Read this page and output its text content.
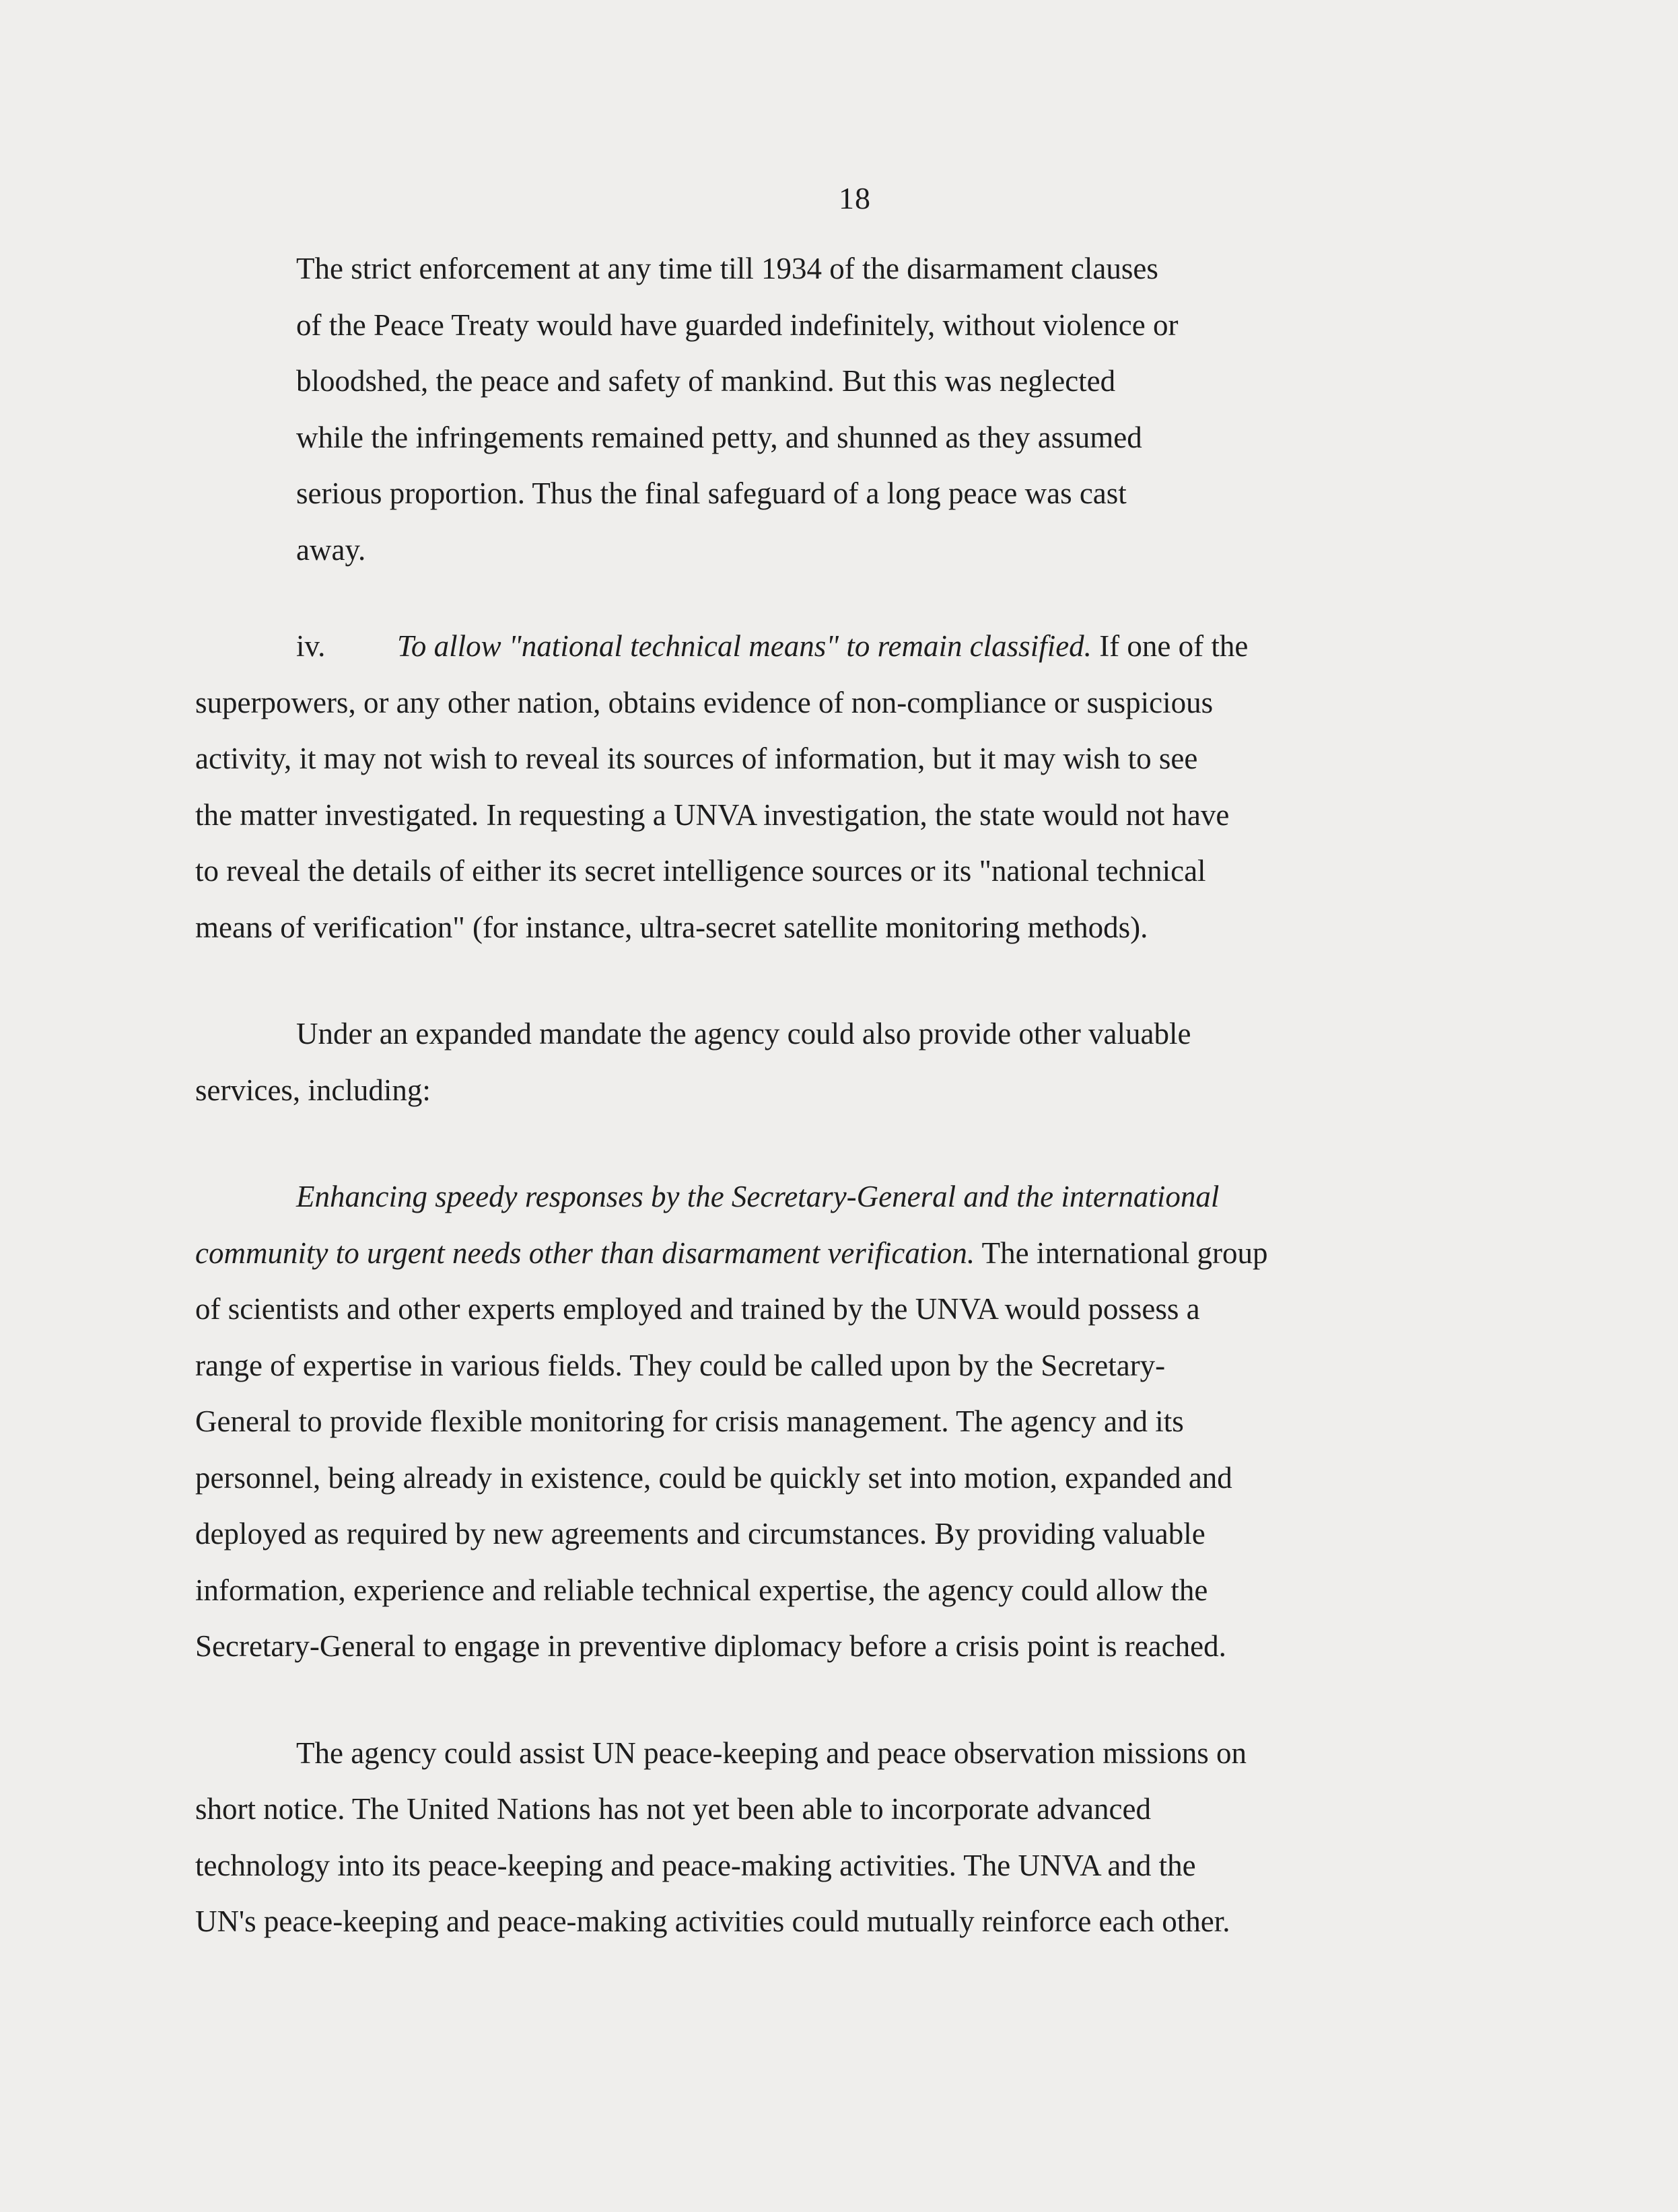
18
The strict enforcement at any time till 1934 of the disarmament clauses
of the Peace Treaty would have guarded indefinitely, without violence or
bloodshed, the peace and safety of mankind. But this was neglected
while the infringements remained petty, and shunned as they assumed
serious proportion. Thus the final safeguard of a long peace was cast
away.
iv. To allow "national technical means" to remain classified. If one of the
superpowers, or any other nation, obtains evidence of non-compliance or suspicious
activity, it may not wish to reveal its sources of information, but it may wish to see
the matter investigated. In requesting a UNVA investigation, the state would not have
to reveal the details of either its secret intelligence sources or its "national technical
means of verification" (for instance, ultra-secret satellite monitoring methods).
Under an expanded mandate the agency could also provide other valuable
services, including:
Enhancing speedy responses by the Secretary-General and the international
community to urgent needs other than disarmament verification. The international group
of scientists and other experts employed and trained by the UNVA would possess a
range of expertise in various fields. They could be called upon by the Secretary-
General to provide flexible monitoring for crisis management. The agency and its
personnel, being already in existence, could be quickly set into motion, expanded and
deployed as required by new agreements and circumstances. By providing valuable
information, experience and reliable technical expertise, the agency could allow the
Secretary-General to engage in preventive diplomacy before a crisis point is reached.
The agency could assist UN peace-keeping and peace observation missions on
short notice. The United Nations has not yet been able to incorporate advanced
technology into its peace-keeping and peace-making activities. The UNVA and the
UN's peace-keeping and peace-making activities could mutually reinforce each other.
